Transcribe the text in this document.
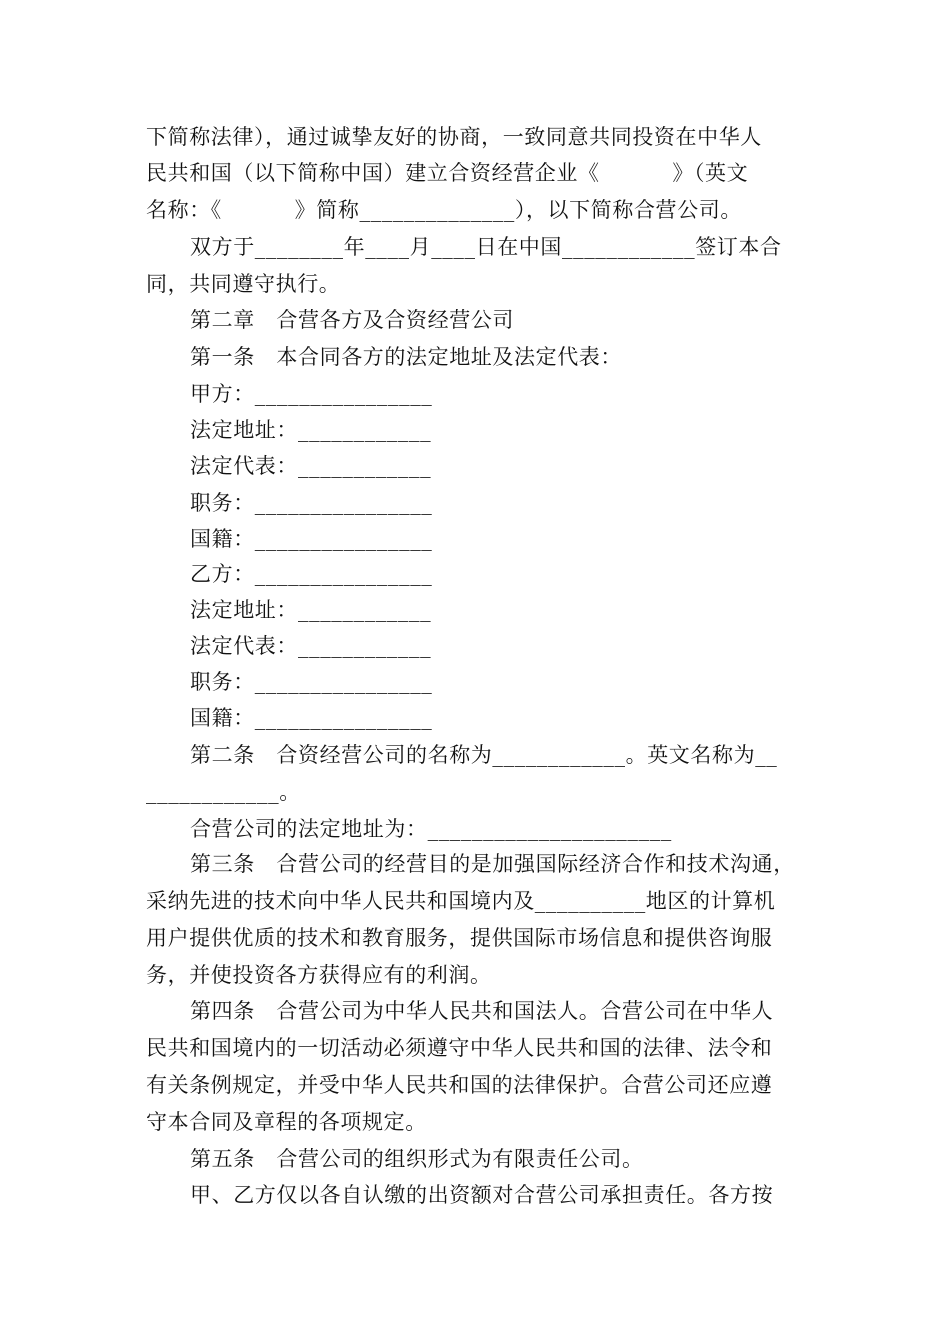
下简称法律），通过诚挚友好的协商，一致同意共同投资在中华人
民共和国（以下简称中国）建立合资经营企业《          》（英文
名称：《          》简称______________），以下简称合营公司。
双方于________年____月____日在中国____________签订本合
同，共同遵守执行。
第二章　合营各方及合资经营公司
第一条　本合同各方的法定地址及法定代表：
甲方：________________
法定地址：____________
法定代表：____________
职务：________________
国籍：________________
乙方：________________
法定地址：____________
法定代表：____________
职务：________________
国籍：________________
第二条　合资经营公司的名称为____________。英文名称为__
____________。
合营公司的法定地址为：______________________
第三条　合营公司的经营目的是加强国际经济合作和技术沟通，
采纳先进的技术向中华人民共和国境内及__________地区的计算机
用户提供优质的技术和教育服务，提供国际市场信息和提供咨询服
务，并使投资各方获得应有的利润。
第四条　合营公司为中华人民共和国法人。合营公司在中华人
民共和国境内的一切活动必须遵守中华人民共和国的法律、法令和
有关条例规定，并受中华人民共和国的法律保护。合营公司还应遵
守本合同及章程的各项规定。
第五条　合营公司的组织形式为有限责任公司。
甲、乙方仅以各自认缴的出资额对合营公司承担责任。各方按
